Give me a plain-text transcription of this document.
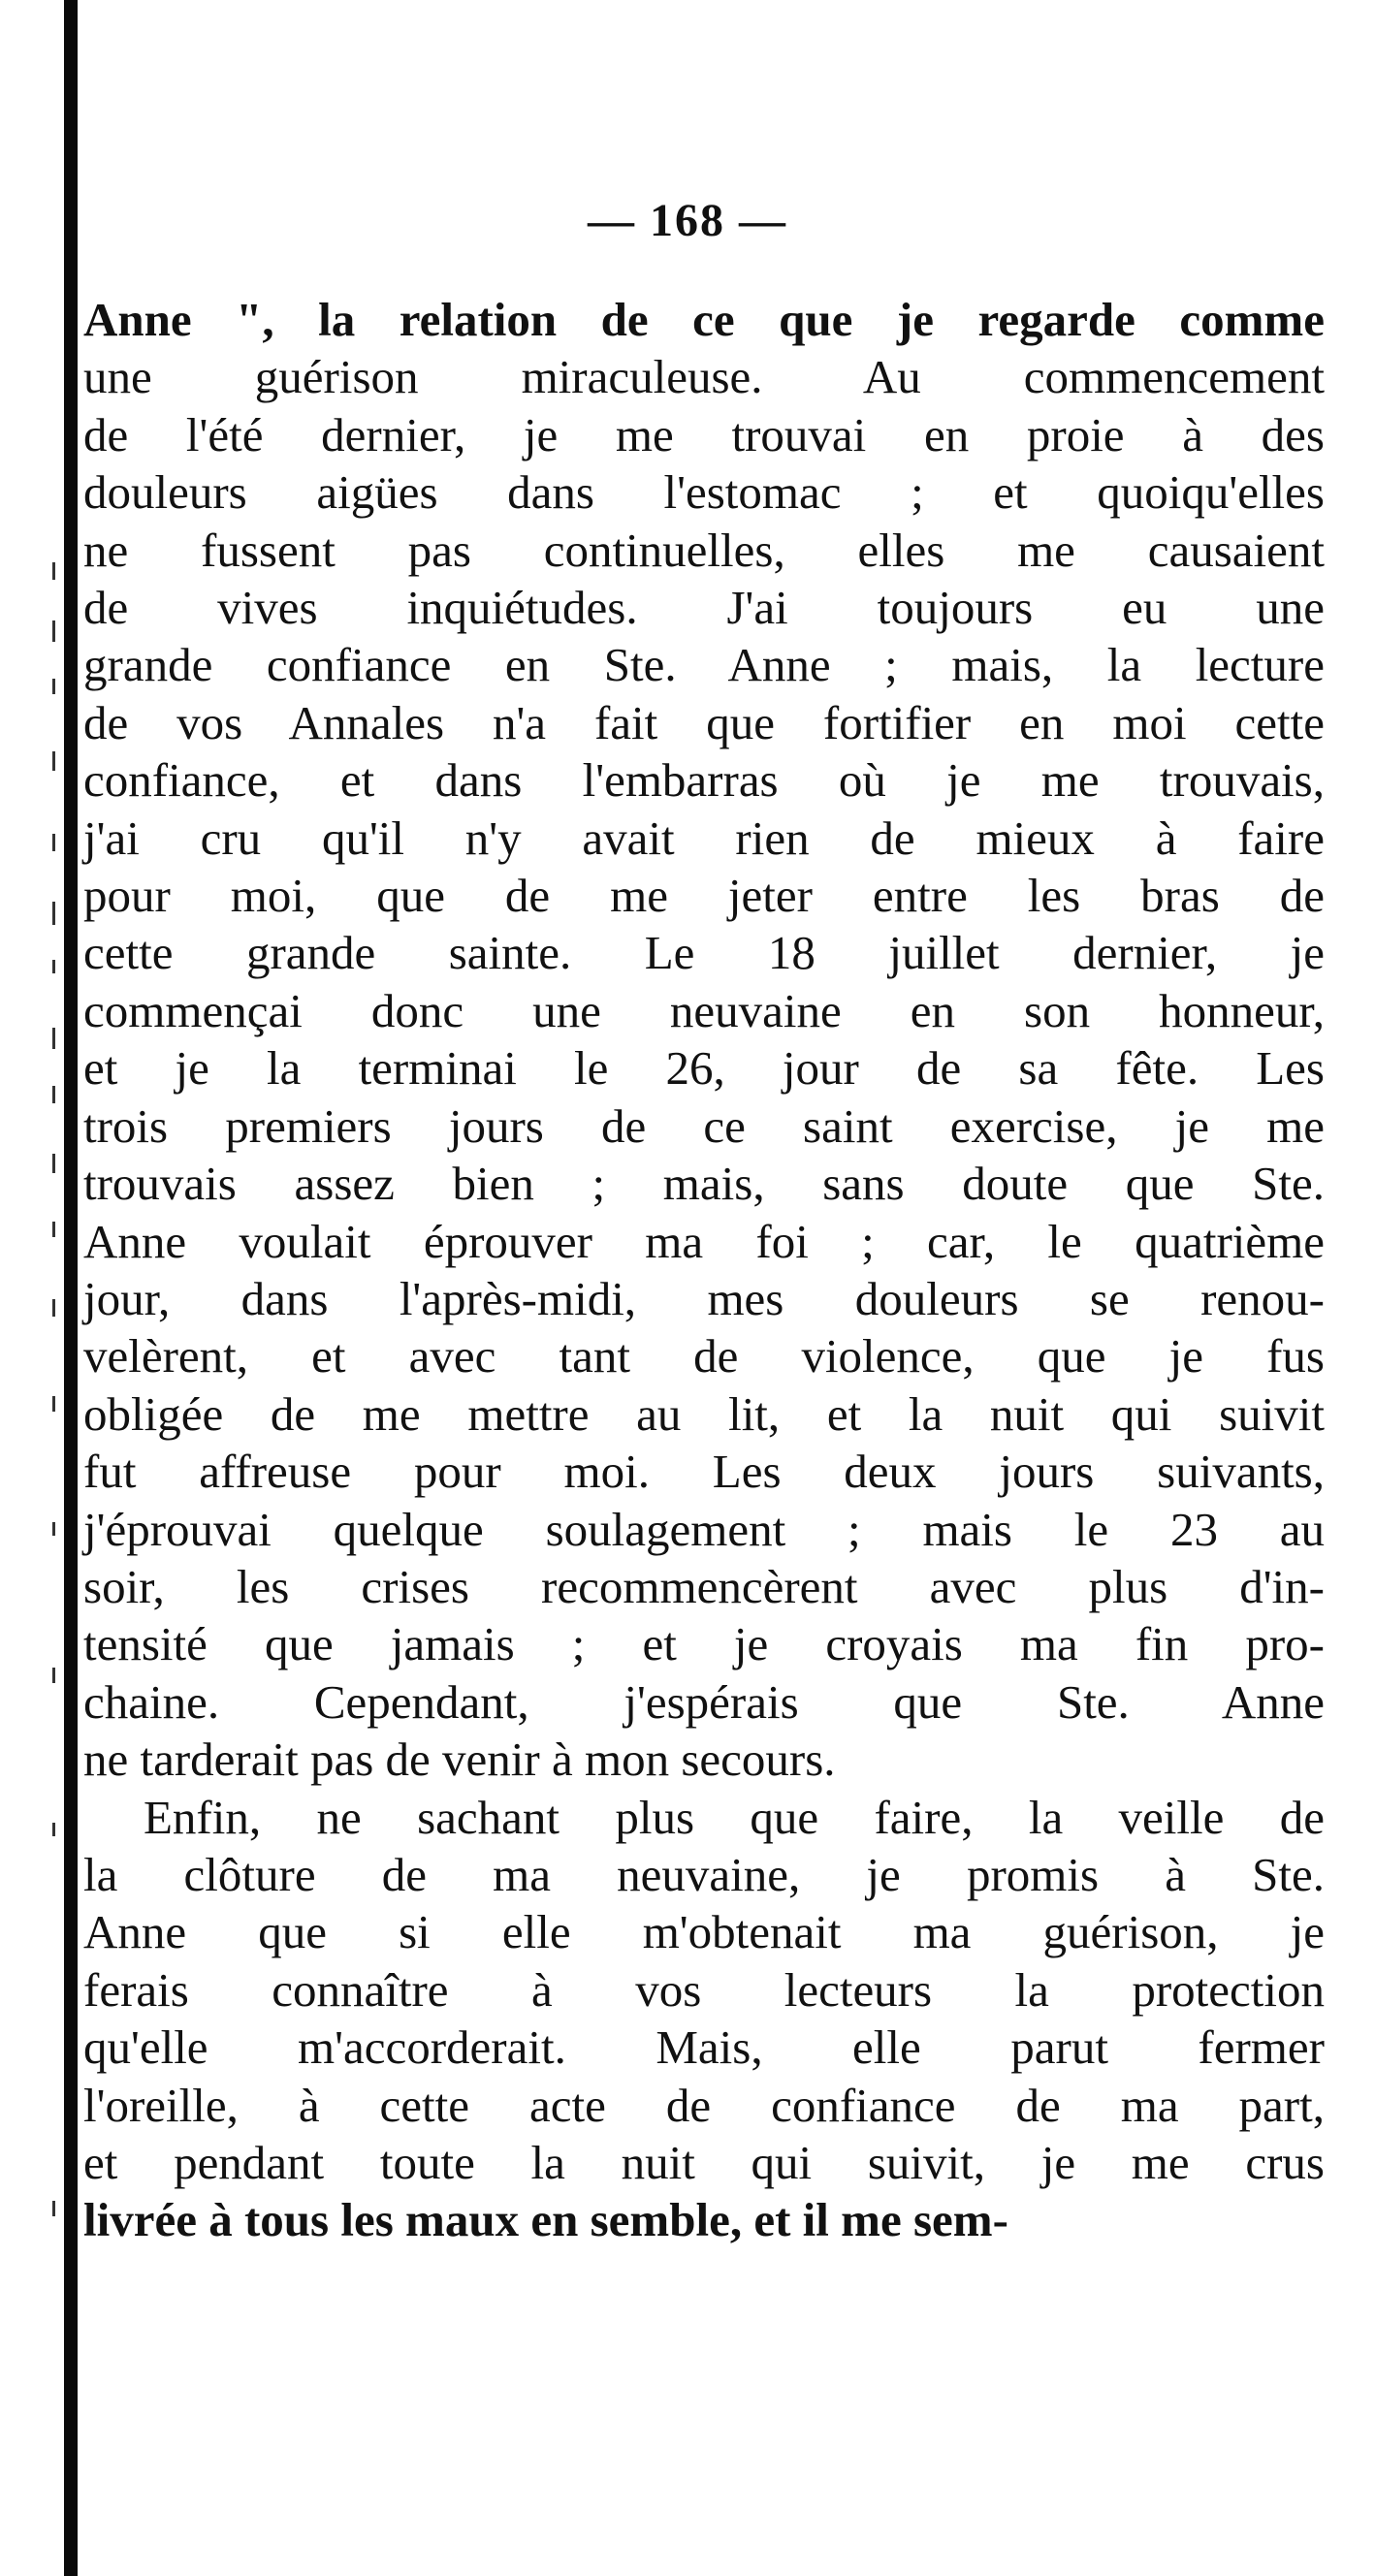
— 168 —
Anne ", la relation de ce que je regarde comme
une guérison miraculeuse. Au commencement
de l'été dernier, je me trouvai en proie à des
douleurs aigües dans l'estomac ; et quoiqu'elles
ne fussent pas continuelles, elles me causaient
de vives inquiétudes. J'ai toujours eu une
grande confiance en Ste. Anne ; mais, la lecture
de vos Annales n'a fait que fortifier en moi cette
confiance, et dans l'embarras où je me trouvais,
j'ai cru qu'il n'y avait rien de mieux à faire
pour moi, que de me jeter entre les bras de
cette grande sainte. Le 18 juillet dernier, je
commençai donc une neuvaine en son honneur,
et je la terminai le 26, jour de sa fête. Les
trois premiers jours de ce saint exercise, je me
trouvais assez bien ; mais, sans doute que Ste.
Anne voulait éprouver ma foi ; car, le quatrième
jour, dans l'après-midi, mes douleurs se renou-
velèrent, et avec tant de violence, que je fus
obligée de me mettre au lit, et la nuit qui suivit
fut affreuse pour moi. Les deux jours suivants,
j'éprouvai quelque soulagement ; mais le 23 au
soir, les crises recommencèrent avec plus d'in-
tensité que jamais ; et je croyais ma fin pro-
chaine. Cependant, j'espérais que Ste. Anne
ne tarderait pas de venir à mon secours.
Enfin, ne sachant plus que faire, la veille de
la clôture de ma neuvaine, je promis à Ste.
Anne que si elle m'obtenait ma guérison, je
ferais connaître à vos lecteurs la protection
qu'elle m'accorderait. Mais, elle parut fermer
l'oreille, à cette acte de confiance de ma part,
et pendant toute la nuit qui suivit, je me crus
livrée à tous les maux en semble, et il me sem-
